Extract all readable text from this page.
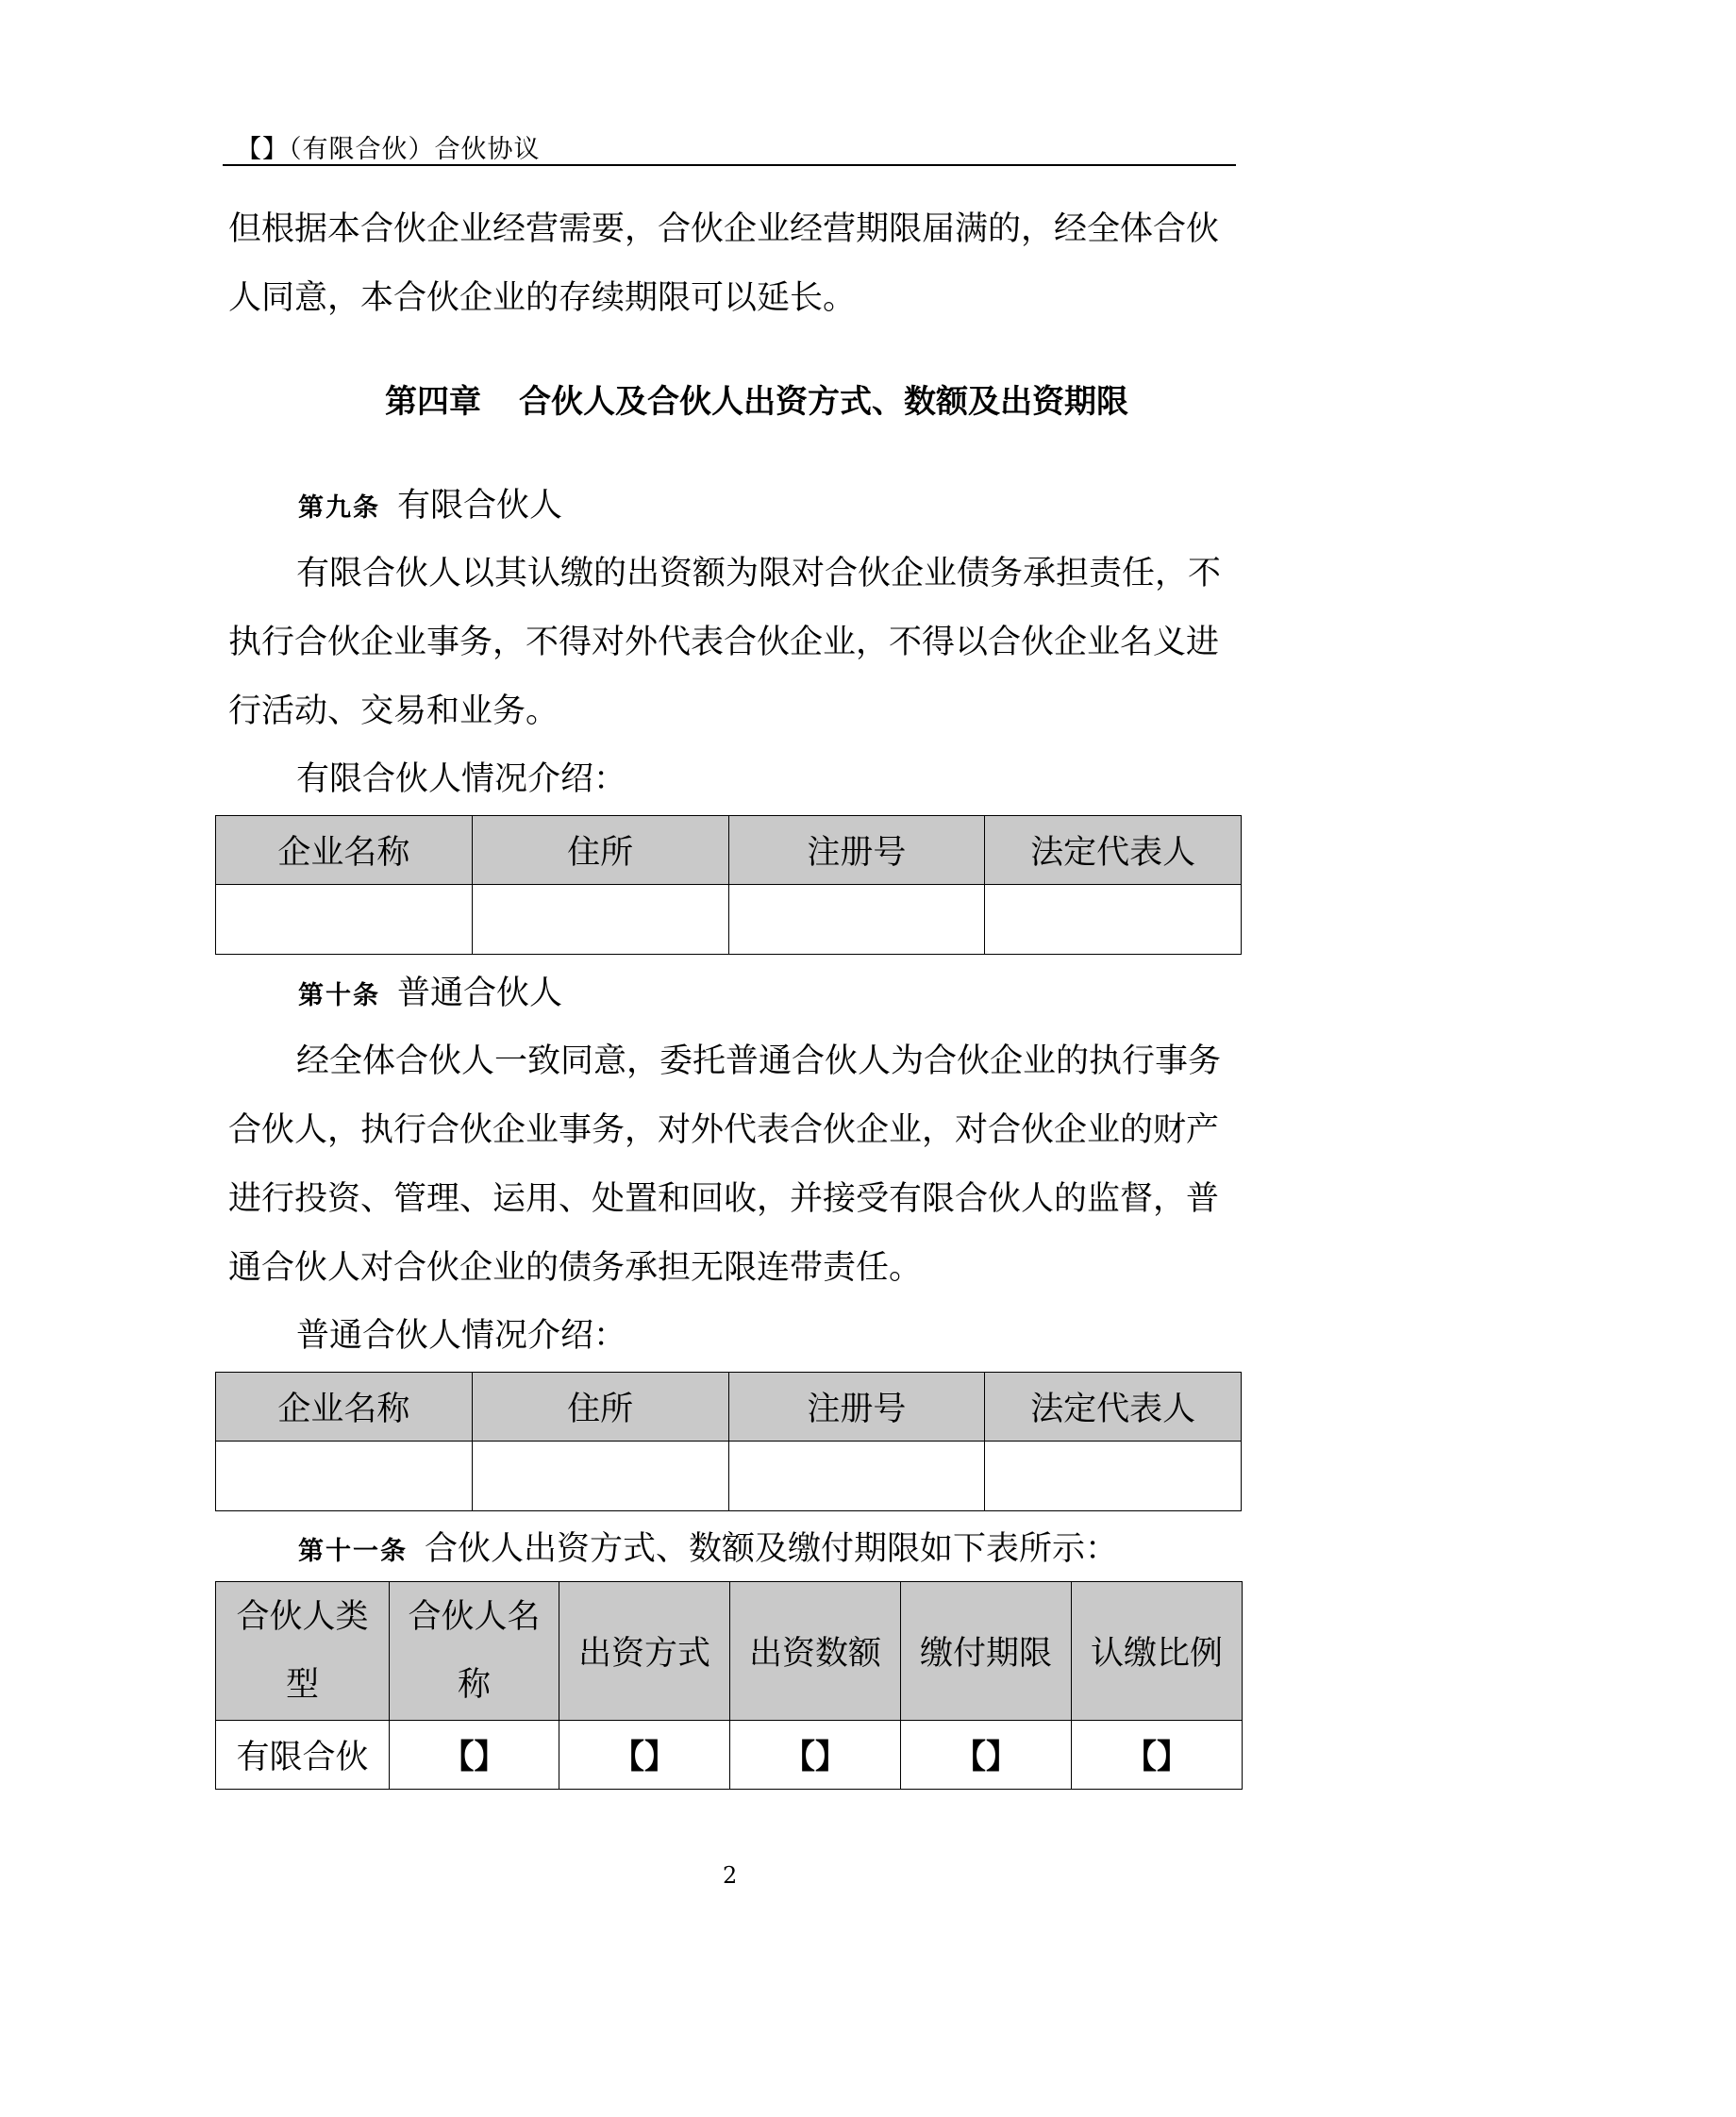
【】（有限合伙）合伙协议
但根据本合伙企业经营需要，合伙企业经营期限届满的，经全体合伙
人同意，本合伙企业的存续期限可以延长。
第四章 合伙人及合伙人出资方式、数额及出资期限
第九条 有限合伙人
有限合伙人以其认缴的出资额为限对合伙企业债务承担责任，不
执行合伙企业事务，不得对外代表合伙企业，不得以合伙企业名义进
行活动、交易和业务。
有限合伙人情况介绍：
企业名称	住所	注册号	法定代表人

第十条 普通合伙人
经全体合伙人一致同意，委托普通合伙人为合伙企业的执行事务
合伙人，执行合伙企业事务，对外代表合伙企业，对合伙企业的财产
进行投资、管理、运用、处置和回收，并接受有限合伙人的监督，普
通合伙人对合伙企业的债务承担无限连带责任。
普通合伙人情况介绍：
企业名称	住所	注册号	法定代表人

第十一条 合伙人出资方式、数额及缴付期限如下表所示：
合伙人类
型	合伙人名
称	出资方式	出资数额	缴付期限	认缴比例
有限合伙	【】	【】	【】	【】	【】
2
